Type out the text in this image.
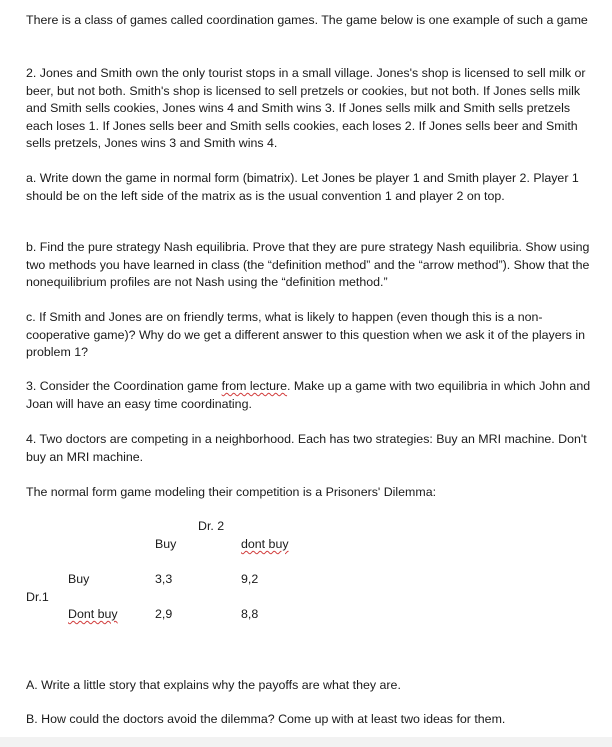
There is a class of games called coordination games. The game below is one example of such a game

2. Jones and Smith own the only tourist stops in a small village. Jones's shop is licensed to sell milk or beer, but not both. Smith's shop is licensed to sell pretzels or cookies, but not both. If Jones sells milk and Smith sells cookies, Jones wins 4 and Smith wins 3. If Jones sells milk and Smith sells pretzels each loses 1. If Jones sells beer and Smith sells cookies, each loses 2. If Jones sells beer and Smith sells pretzels, Jones wins 3 and Smith wins 4.

a. Write down the game in normal form (bimatrix). Let Jones be player 1 and Smith player 2. Player 1 should be on the left side of the matrix as is the usual convention 1 and player 2 on top.

b. Find the pure strategy Nash equilibria. Prove that they are pure strategy Nash equilibria. Show using two methods you have learned in class (the “definition method” and the “arrow method”). Show that the nonequilibrium profiles are not Nash using the “definition method.”

c. If Smith and Jones are on friendly terms, what is likely to happen (even though this is a non-cooperative game)? Why do we get a different answer to this question when we ask it of the players in problem 1?

3. Consider the Coordination game from lecture. Make up a game with two equilibria in which John and Joan will have an easy time coordinating.

4. Two doctors are competing in a neighborhood. Each has two strategies: Buy an MRI machine. Don't buy an MRI machine.

The normal form game modeling their competition is a Prisoners' Dilemma:

Dr. 2
Buy	dont buy
Buy	3,3	9,2
Dr.1
Dont buy	2,9	8,8

A. Write a little story that explains why the payoffs are what they are.

B. How could the doctors avoid the dilemma? Come up with at least two ideas for them.
